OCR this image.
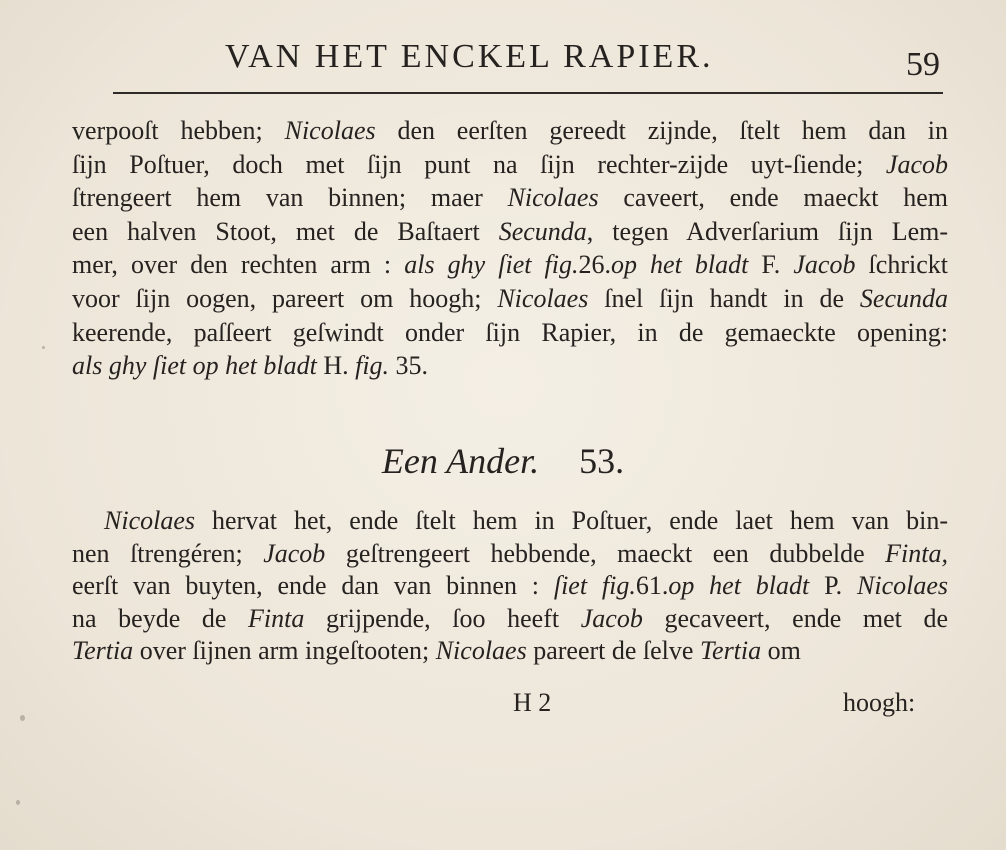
VAN HET ENCKEL RAPIER.	59
verpooſt hebben; Nicolaes den eerſten gereedt zijnde, ſtelt hem dan in
ſijn Poſtuer, doch met ſijn punt na ſijn rechter-zijde uyt-ſiende; Jacob
ſtrengeert hem van binnen; maer Nicolaes caveert, ende maeckt hem
een halven Stoot, met de Baſtaert Secunda, tegen Adverſarium ſijn Lem-
mer, over den rechten arm : als ghy ſiet fig.26.op het bladt F. Jacob ſchrickt
voor ſijn oogen, pareert om hoogh; Nicolaes ſnel ſijn handt in de Secunda
keerende, paſſeert geſwindt onder ſijn Rapier, in de gemaeckte opening:
als ghy ſiet op het bladt H. fig. 35.
Een Ander. 53.
Nicolaes hervat het, ende ſtelt hem in Poſtuer, ende laet hem van bin-
nen ſtrengéren; Jacob geſtrengeert hebbende, maeckt een dubbelde Finta,
eerſt van buyten, ende dan van binnen : ſiet fig.61.op het bladt P. Nicolaes
na beyde de Finta grijpende, ſoo heeft Jacob gecaveert, ende met de
Tertia over ſijnen arm ingeſtooten; Nicolaes pareert de ſelve Tertia om
H 2	hoogh:
